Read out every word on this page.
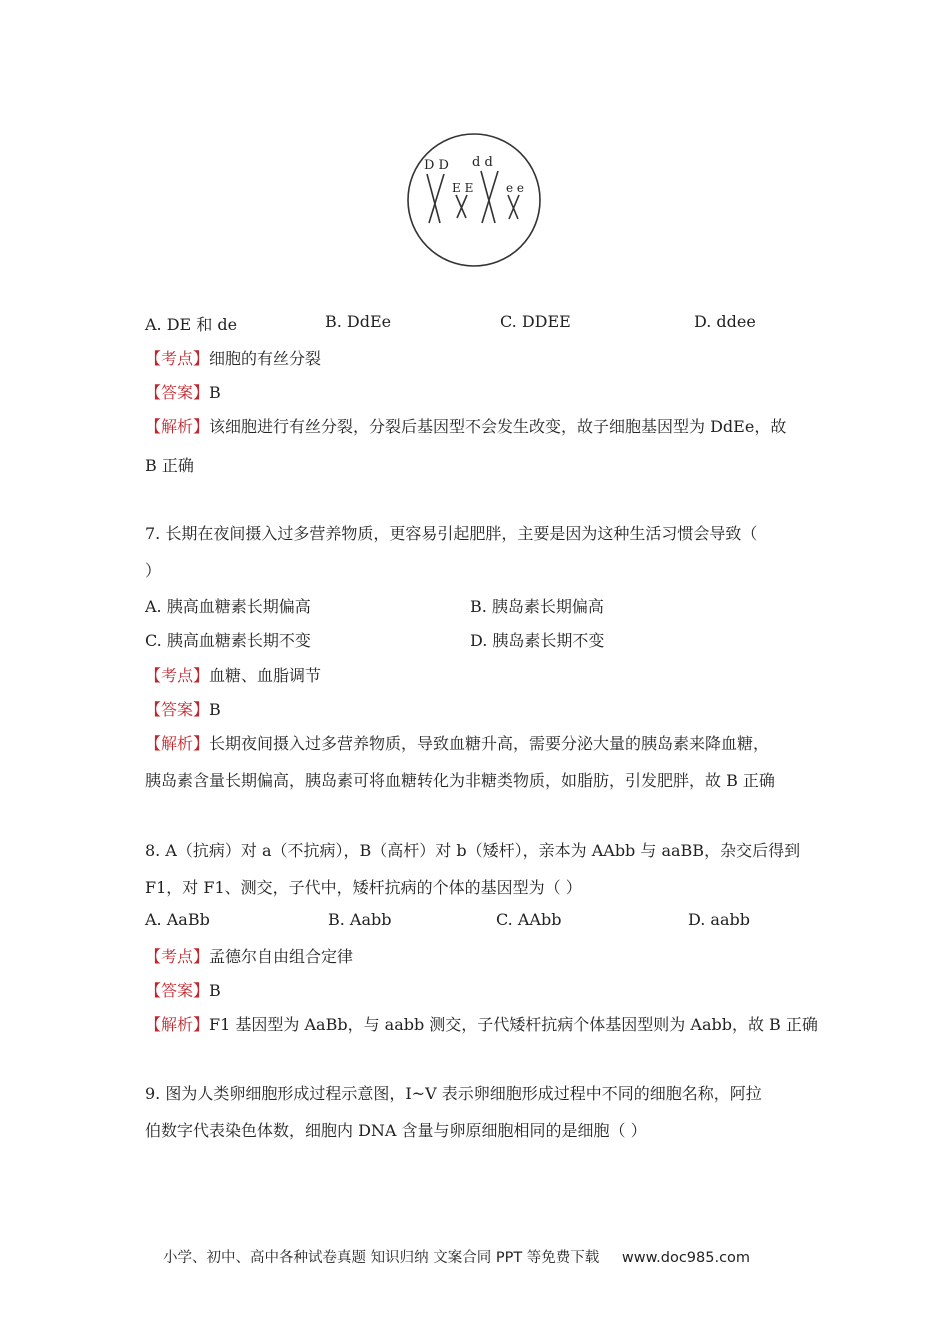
D D d d
E E	e e
A. DE 和 de	B. DdEe	C. DDEE	D. ddee
【考点】细胞的有丝分裂
【答案】B
【解析】该细胞进行有丝分裂，分裂后基因型不会发生改变，故子细胞基因型为 DdEe，故
B 正确
7. 长期在夜间摄入过多营养物质，更容易引起肥胖，主要是因为这种生活习惯会导致（
）
A. 胰高血糖素长期偏高	B. 胰岛素长期偏高
C. 胰高血糖素长期不变	D. 胰岛素长期不变
【考点】血糖、血脂调节
【答案】B
【解析】长期夜间摄入过多营养物质，导致血糖升高，需要分泌大量的胰岛素来降血糖，
胰岛素含量长期偏高，胰岛素可将血糖转化为非糖类物质，如脂肪，引发肥胖，故 B 正确
8. A（抗病）对 a（不抗病），B（高杆）对 b（矮杆），亲本为 AAbb 与 aaBB，杂交后得到
F1，对 F1、测交，子代中，矮杆抗病的个体的基因型为（ ）
A. AaBb	B. Aabb	C. AAbb	D. aabb
【考点】孟德尔自由组合定律
【答案】B
【解析】F1 基因型为 AaBb，与 aabb 测交，子代矮杆抗病个体基因型则为 Aabb，故 B 正确
9. 图为人类卵细胞形成过程示意图，Ⅰ~Ⅴ 表示卵细胞形成过程中不同的细胞名称，阿拉
伯数字代表染色体数，细胞内 DNA 含量与卵原细胞相同的是细胞（ ）
小学、初中、高中各种试卷真题 知识归纳 文案合同 PPT 等免费下载 www.doc985.com
